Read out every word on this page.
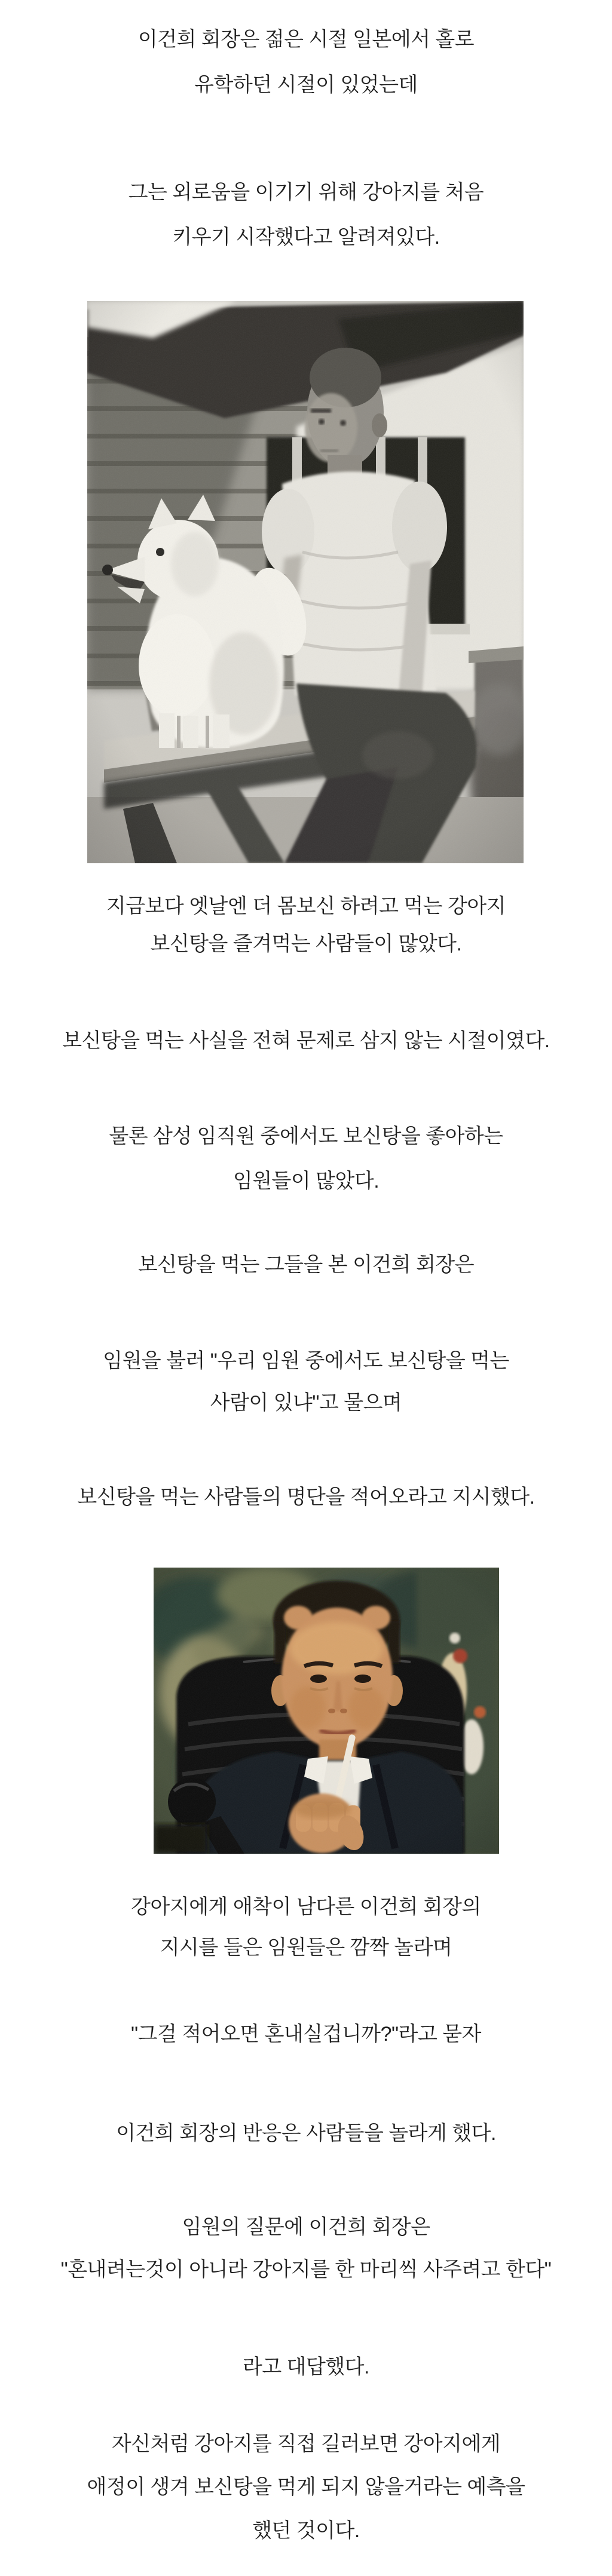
이건희 회장은 젊은 시절 일본에서 홀로
유학하던 시절이 있었는데
그는 외로움을 이기기 위해 강아지를 처음
키우기 시작했다고 알려져있다.
지금보다 엣날엔 더 몸보신 하려고 먹는 강아지
보신탕을 즐겨먹는 사람들이 많았다.
보신탕을 먹는 사실을 전혀 문제로 삼지 않는 시절이였다.
물론 삼성 임직원 중에서도 보신탕을 좋아하는
임원들이 많았다.
보신탕을 먹는 그들을 본 이건희 회장은
임원을 불러 "우리 임원 중에서도 보신탕을 먹는
사람이 있냐"고 물으며
보신탕을 먹는 사람들의 명단을 적어오라고 지시했다.
강아지에게 애착이 남다른 이건희 회장의
지시를 들은 임원들은 깜짝 놀라며
"그걸 적어오면 혼내실겁니까?"라고 묻자
이건희 회장의 반응은 사람들을 놀라게 했다.
임원의 질문에 이건희 회장은
"혼내려는것이 아니라 강아지를 한 마리씩 사주려고 한다"
라고 대답했다.
자신처럼 강아지를 직접 길러보면 강아지에게
애정이 생겨 보신탕을 먹게 되지 않을거라는 예측을
했던 것이다.
